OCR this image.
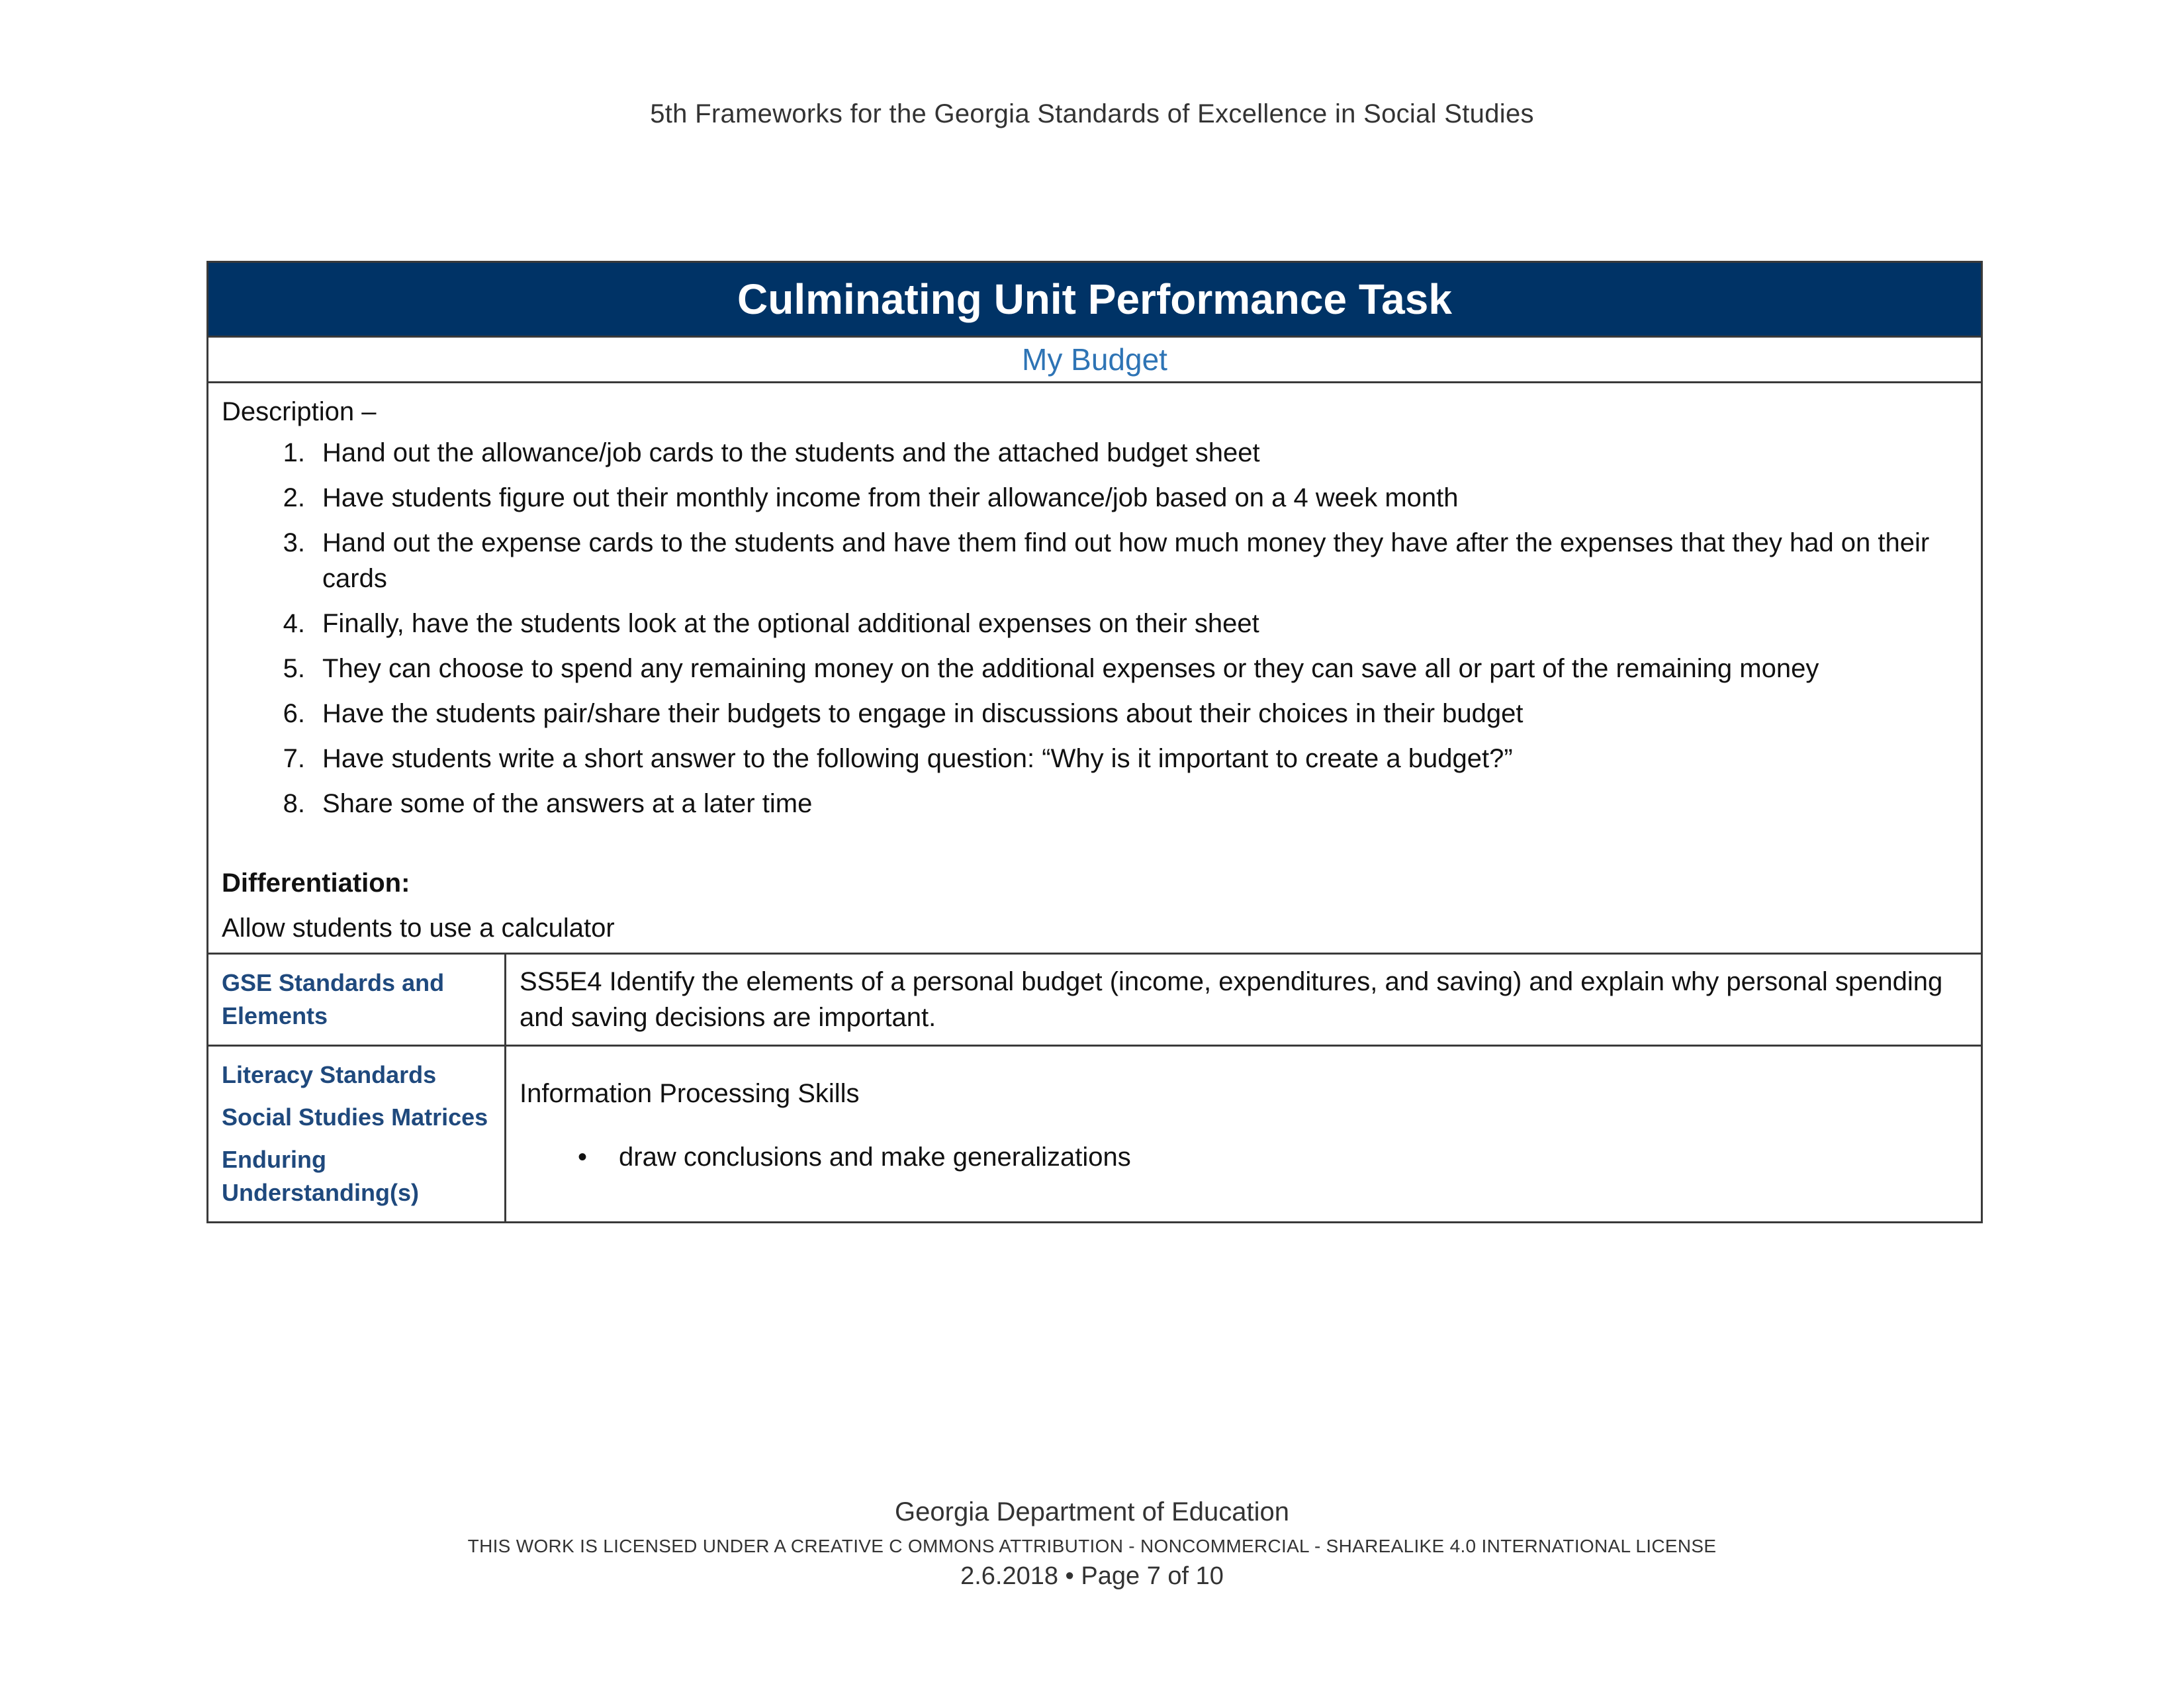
5th Frameworks for the Georgia Standards of Excellence in Social Studies
Culminating Unit Performance Task
My Budget
Description –
1. Hand out the allowance/job cards to the students and the attached budget sheet
2. Have students figure out their monthly income from their allowance/job based on a 4 week month
3. Hand out the expense cards to the students and have them find out how much money they have after the expenses that they had on their cards
4. Finally, have the students look at the optional additional expenses on their sheet
5. They can choose to spend any remaining money on the additional expenses or they can save all or part of the remaining money
6. Have the students pair/share their budgets to engage in discussions about their choices in their budget
7. Have students write a short answer to the following question: “Why is it important to create a budget?”
8. Share some of the answers at a later time
Differentiation:
Allow students to use a calculator
GSE Standards and Elements
SS5E4 Identify the elements of a personal budget (income, expenditures, and saving) and explain why personal spending and saving decisions are important.
Literacy Standards
Social Studies Matrices
Enduring Understanding(s)
Information Processing Skills
•	draw conclusions and make generalizations
Georgia Department of Education
THIS WORK IS LICENSED UNDER A CREATIVE C OMMONS ATTRIBUTION - NONCOMMERCIAL - SHAREALIKE 4.0 INTERNATIONAL LICENSE
2.6.2018 • Page 7 of 10
